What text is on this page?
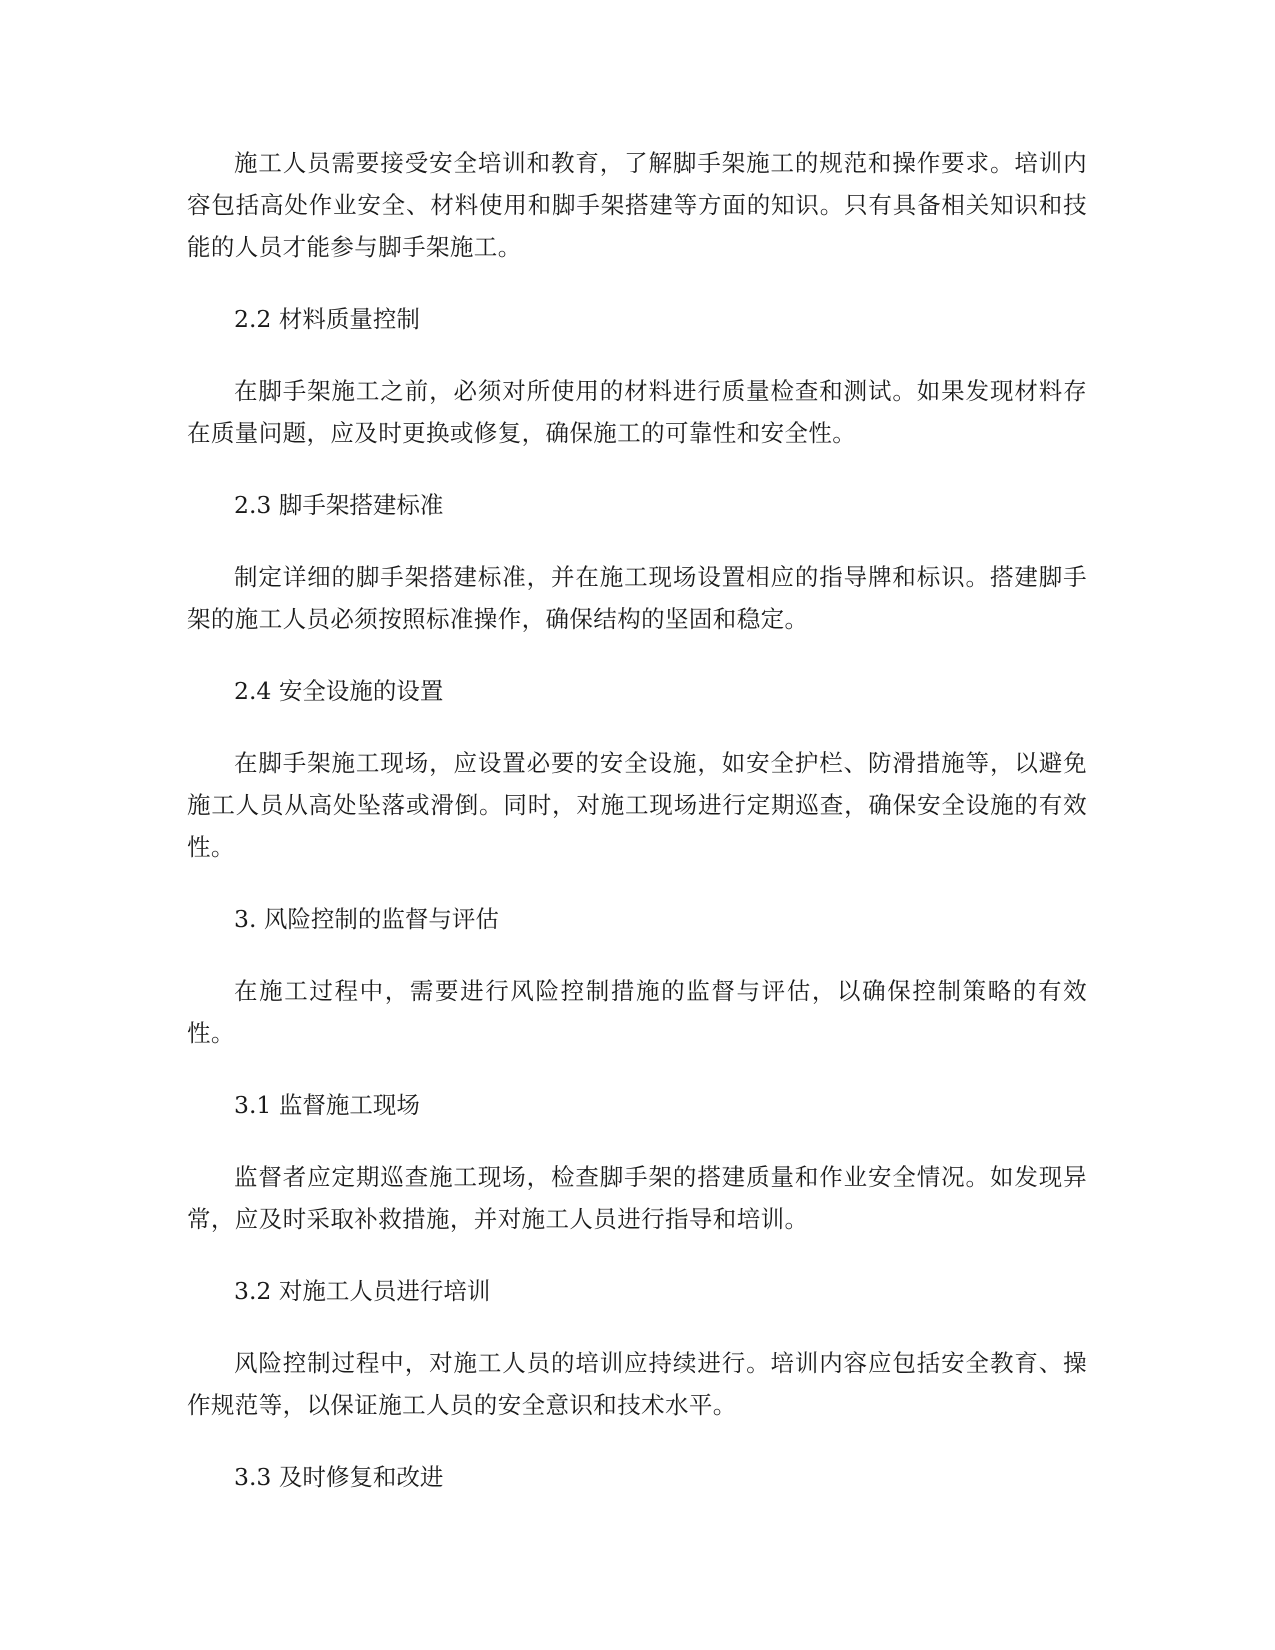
施工人员需要接受安全培训和教育，了解脚手架施工的规范和操作要求。培训内容包括高处作业安全、材料使用和脚手架搭建等方面的知识。只有具备相关知识和技能的人员才能参与脚手架施工。

2.2 材料质量控制

在脚手架施工之前，必须对所使用的材料进行质量检查和测试。如果发现材料存在质量问题，应及时更换或修复，确保施工的可靠性和安全性。

2.3 脚手架搭建标准

制定详细的脚手架搭建标准，并在施工现场设置相应的指导牌和标识。搭建脚手架的施工人员必须按照标准操作，确保结构的坚固和稳定。

2.4 安全设施的设置

在脚手架施工现场，应设置必要的安全设施，如安全护栏、防滑措施等，以避免施工人员从高处坠落或滑倒。同时，对施工现场进行定期巡查，确保安全设施的有效性。

3. 风险控制的监督与评估

在施工过程中，需要进行风险控制措施的监督与评估，以确保控制策略的有效性。

3.1 监督施工现场

监督者应定期巡查施工现场，检查脚手架的搭建质量和作业安全情况。如发现异常，应及时采取补救措施，并对施工人员进行指导和培训。

3.2 对施工人员进行培训

风险控制过程中，对施工人员的培训应持续进行。培训内容应包括安全教育、操作规范等，以保证施工人员的安全意识和技术水平。

3.3 及时修复和改进
